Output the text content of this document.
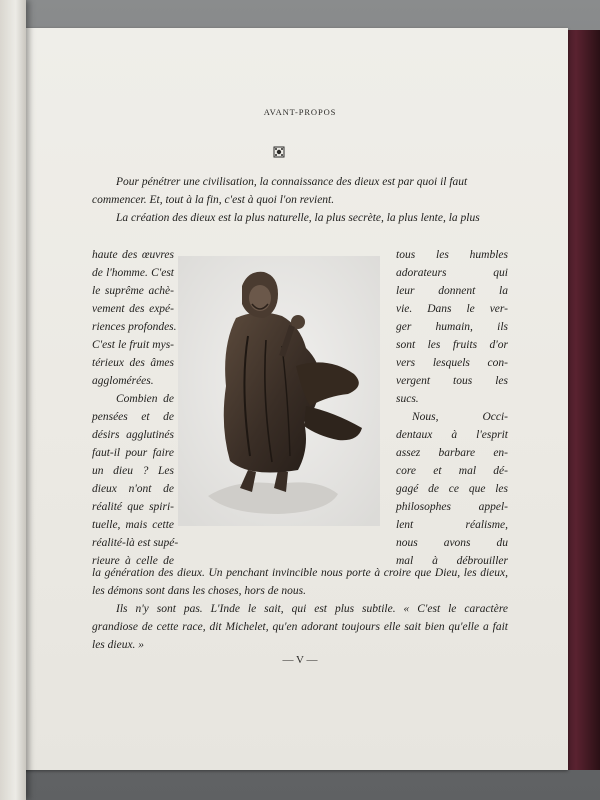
AVANT-PROPOS
Pour pénétrer une civilisation, la connaissance des dieux est par quoi il faut
commencer. Et, tout à la fin, c'est à quoi l'on revient.
La création des dieux est la plus naturelle, la plus secrète, la plus lente, la plus
haute des œuvres
de l'homme. C'est
le suprême achè-
vement des expé-
riences profondes.
C'est le fruit mys-
térieux des âmes
agglomérées.
Combien de
pensées et de
désirs agglutinés
faut-il pour faire
un dieu ? Les
dieux n'ont de
réalité que spiri-
tuelle, mais cette
réalité-là est supé-
rieure à celle de
tous les humbles
adorateurs qui
leur donnent la
vie. Dans le ver-
ger humain, ils
sont les fruits d'or
vers lesquels con-
vergent tous les
sucs.
Nous, Occi-
dentaux à l'esprit
assez barbare en-
core et mal dé-
gagé de ce que les
philosophes appel-
lent réalisme,
nous avons du
mal à débrouiller
la génération des dieux. Un penchant invincible nous porte à croire que Dieu, les dieux,
les démons sont dans les choses, hors de nous.
Ils n'y sont pas. L'Inde le sait, qui est plus subtile. « C'est le caractère
grandiose de cette race, dit Michelet, qu'en adorant toujours elle sait bien qu'elle a fait
les dieux. »
— V —
